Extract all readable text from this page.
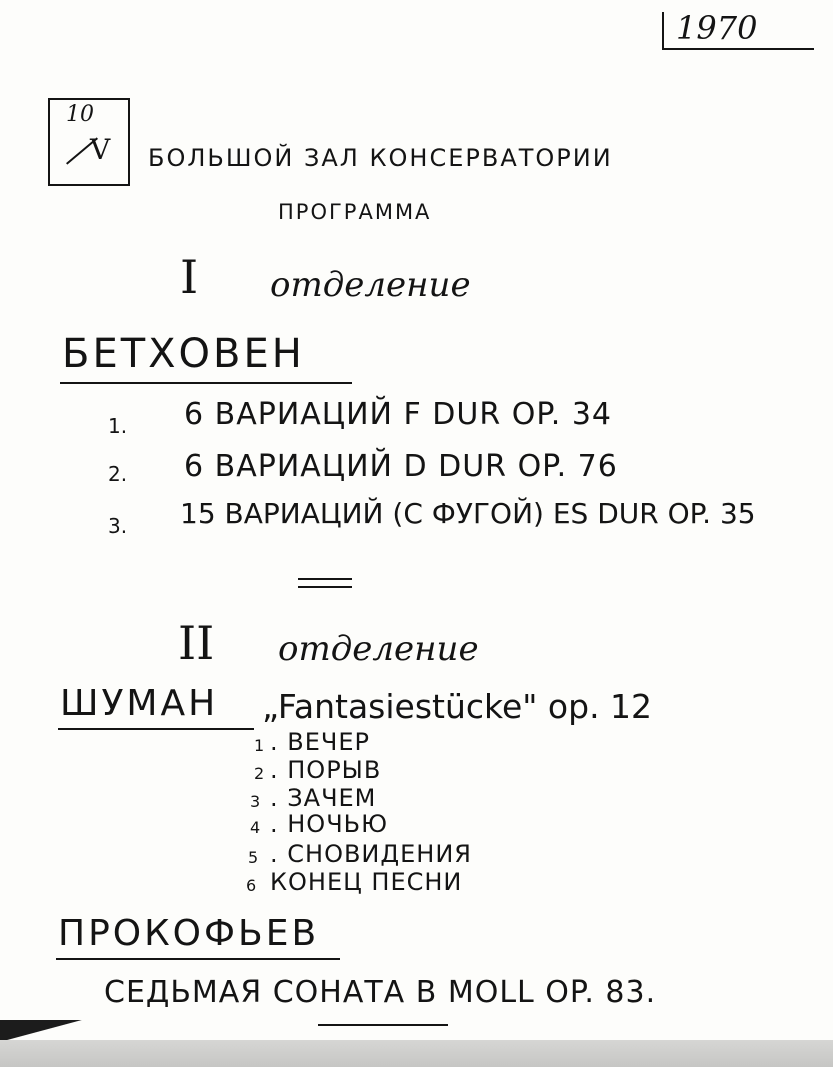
1970
10
V БОЛЬШОЙ ЗАЛ КОНСЕРВАТОРИИ
ПРОГРАММА
I отделение
БЕТХОВЕН
1. 6 ВАРИАЦИЙ F DUR OP. 34
2. 6 ВАРИАЦИЙ D DUR OP. 76
3. 15 ВАРИАЦИЙ (С ФУГОЙ) ES DUR OP. 35
II отделение
ШУМАН „Fantasiestücke" op. 12
1 . ВЕЧЕР
2 . ПОРЫВ
3 . ЗАЧЕМ
4 . НОЧЬЮ
5 . СНОВИДЕНИЯ
6 КОНЕЦ ПЕСНИ
ПРОКОФЬЕВ
СЕДЬМАЯ СОНАТА B MOLL OP. 83.
